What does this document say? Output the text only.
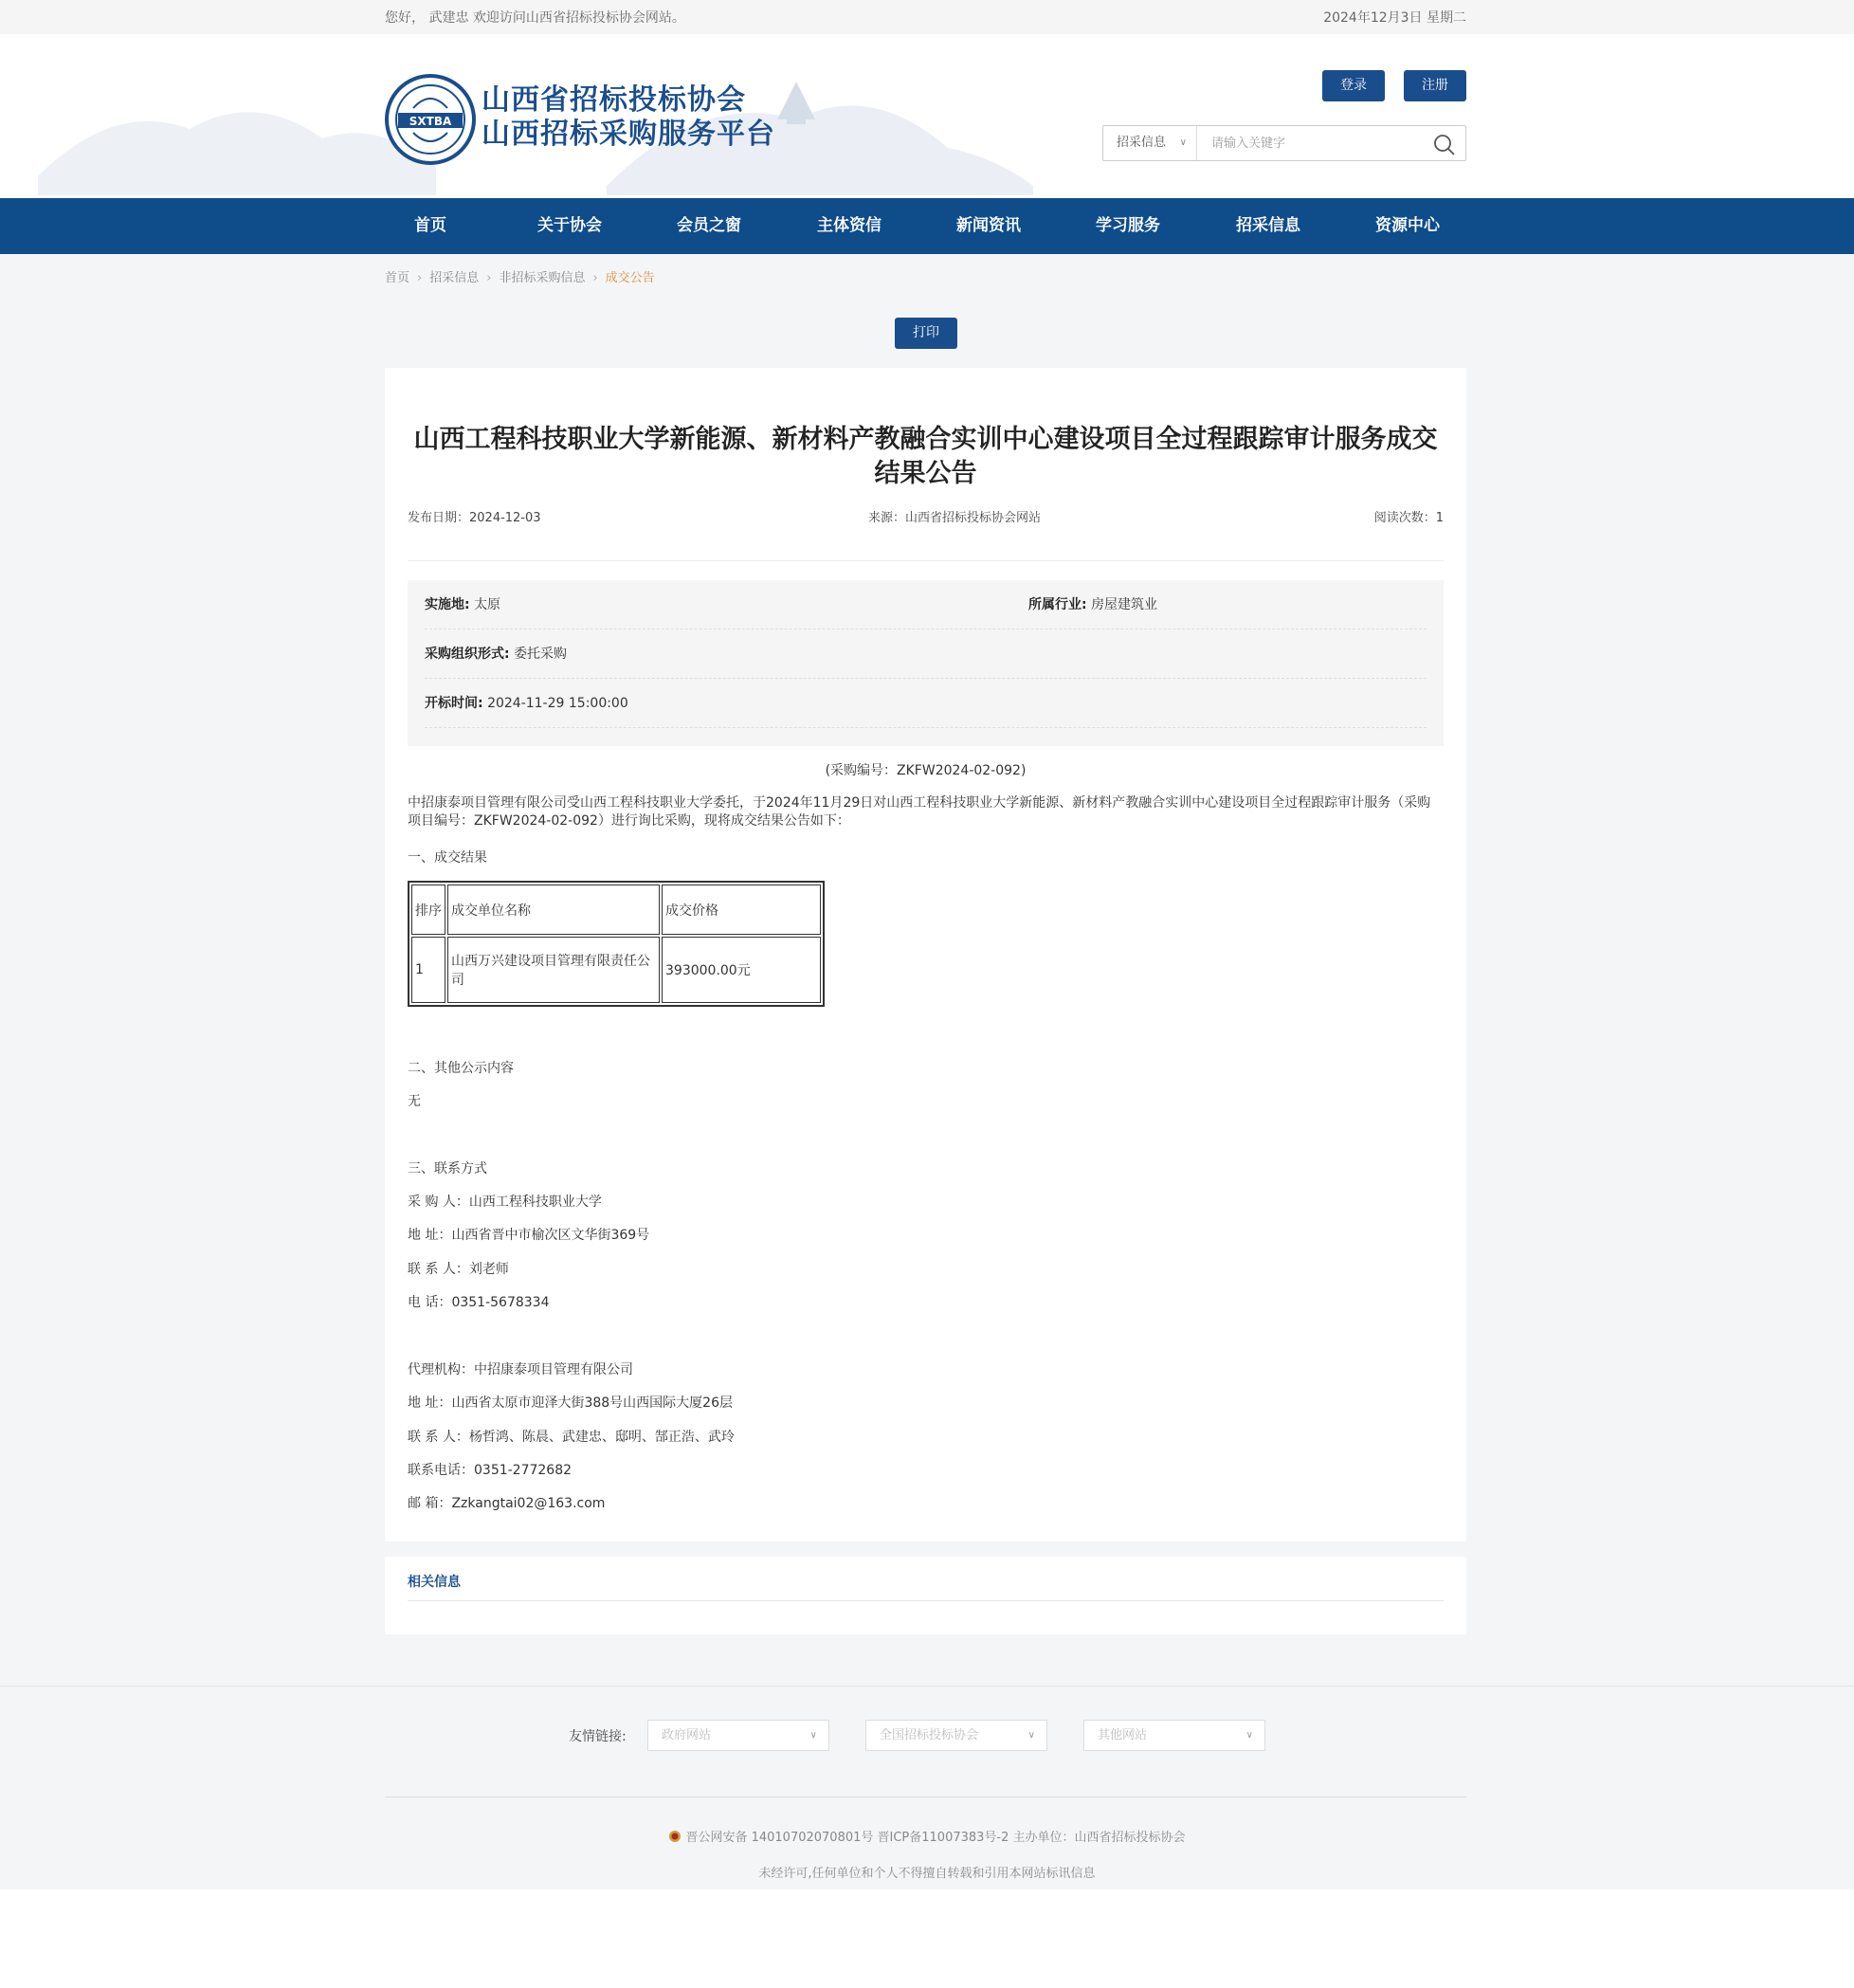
您好， 武建忠 欢迎访问山西省招标投标协会网站。	2024年12月3日 星期二
SXTBA
山西省招标投标协会
山西招标采购服务平台
登录	注册
招采信息 ∨
请输入关键字
首页	关于协会	会员之窗	主体资信	新闻资讯	学习服务	招采信息	资源中心
首页 › 招采信息 › 非招标采购信息 › 成交公告
打印
山西工程科技职业大学新能源、新材料产教融合实训中心建设项目全过程跟踪审计服务成交结果公告
发布日期：2024-12-03	来源：山西省招标投标协会网站	阅读次数：1
实施地: 太原	所属行业: 房屋建筑业
采购组织形式: 委托采购
开标时间: 2024-11-29 15:00:00
(采购编号：ZKFW2024-02-092)
中招康泰项目管理有限公司受山西工程科技职业大学委托，于2024年11月29日对山西工程科技职业大学新能源、新材料产教融合实训中心建设项目全过程跟踪审计服务（采购项目编号：ZKFW2024-02-092）进行询比采购，现将成交结果公告如下：
一、成交结果
排序	成交单位名称	成交价格
1	山西万兴建设项目管理有限责任公司	393000.00元
二、其他公示内容
无
三、联系方式
采 购 人：山西工程科技职业大学
地 址：山西省晋中市榆次区文华街369号
联 系 人：刘老师
电 话：0351-5678334
代理机构：中招康泰项目管理有限公司
地 址：山西省太原市迎泽大街388号山西国际大厦26层
联 系 人：杨哲鸿、陈晨、武建忠、邸明、郜正浩、武玲
联系电话：0351-2772682
邮 箱：Zzkangtai02@163.com
相关信息
友情链接:	政府网站	∨	全国招标投标协会	∨	其他网站	∨
晋公网安备 14010702070801号 晋ICP备11007383号-2 主办单位：山西省招标投标协会
未经许可,任何单位和个人不得擅自转载和引用本网站标讯信息
